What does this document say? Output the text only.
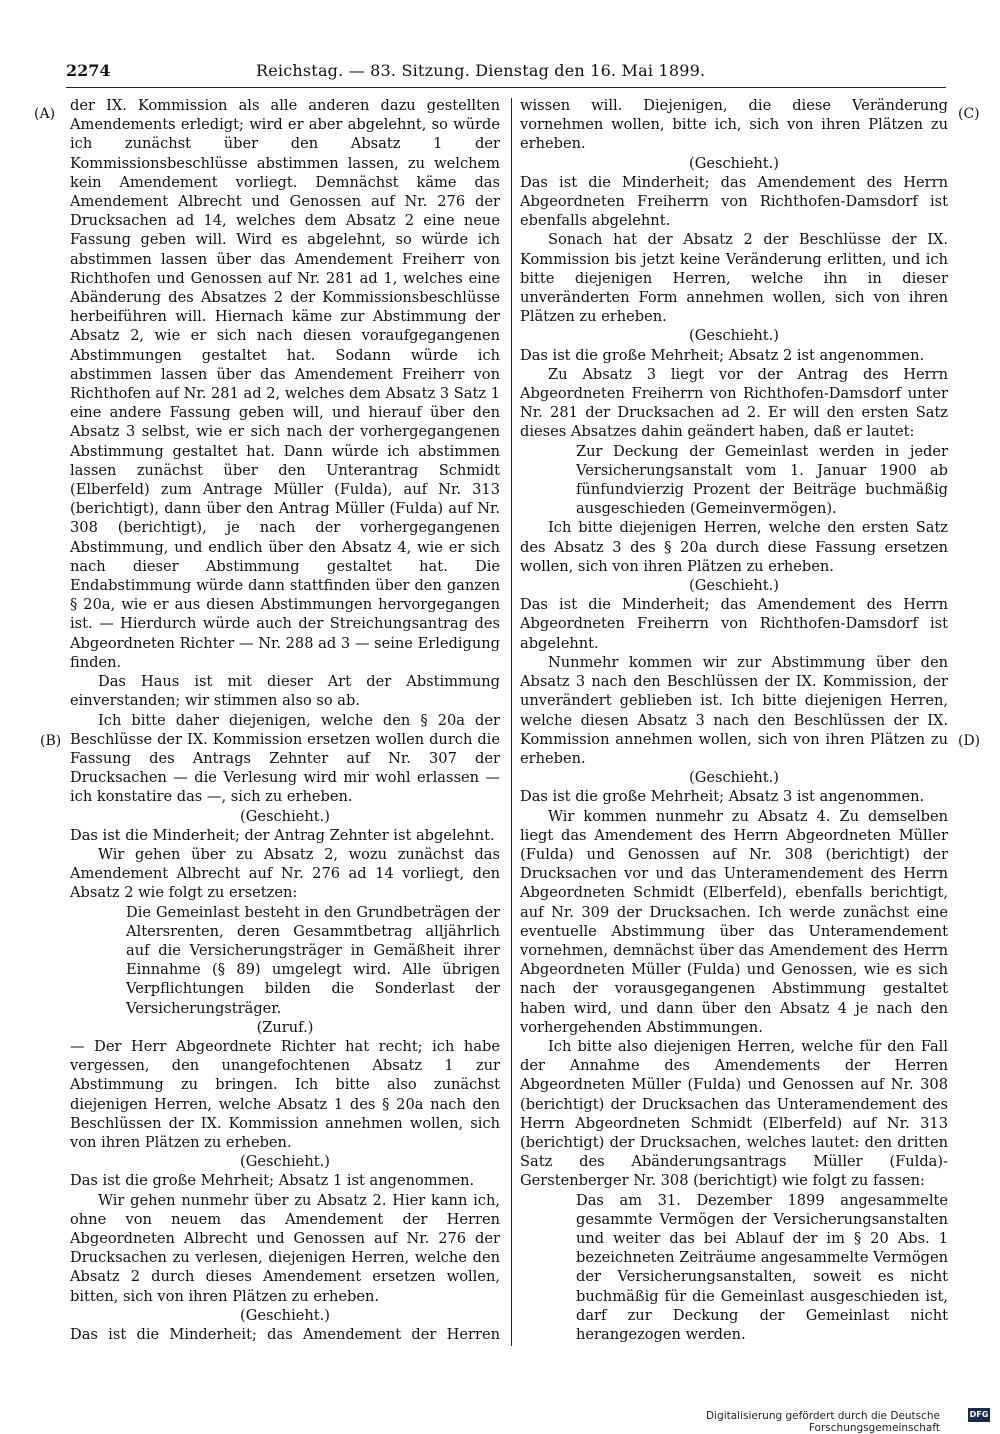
2274	Reichstag. — 83. Sitzung. Dienstag den 16. Mai 1899.
(A)
(B)
(C)
(D)

der IX. Kommission als alle anderen dazu gestellten Amendements erledigt; wird er aber abgelehnt, so würde ich zunächst über den Absatz 1 der Kommissionsbeschlüsse abstimmen lassen, zu welchem kein Amendement vorliegt. Demnächst käme das Amendement Albrecht und Genossen auf Nr. 276 der Drucksachen ad 14, welches dem Absatz 2 eine neue Fassung geben will. Wird es abgelehnt, so würde ich abstimmen lassen über das Amendement Freiherr von Richthofen und Genossen auf Nr. 281 ad 1, welches eine Abänderung des Absatzes 2 der Kommissionsbeschlüsse herbeiführen will. Hiernach käme zur Abstimmung der Absatz 2, wie er sich nach diesen voraufgegangenen Abstimmungen gestaltet hat. Sodann würde ich abstimmen lassen über das Amendement Freiherr von Richthofen auf Nr. 281 ad 2, welches dem Absatz 3 Satz 1 eine andere Fassung geben will, und hierauf über den Absatz 3 selbst, wie er sich nach der vorhergegangenen Abstimmung gestaltet hat. Dann würde ich abstimmen lassen zunächst über den Unterantrag Schmidt (Elberfeld) zum Antrage Müller (Fulda), auf Nr. 313 (berichtigt), dann über den Antrag Müller (Fulda) auf Nr. 308 (berichtigt), je nach der vorhergegangenen Abstimmung, und endlich über den Absatz 4, wie er sich nach dieser Abstimmung gestaltet hat. Die Endabstimmung würde dann stattfinden über den ganzen § 20a, wie er aus diesen Abstimmungen hervorgegangen ist. — Hierdurch würde auch der Streichungsantrag des Abgeordneten Richter — Nr. 288 ad 3 — seine Erledigung finden.

Das Haus ist mit dieser Art der Abstimmung einverstanden; wir stimmen also so ab.

Ich bitte daher diejenigen, welche den § 20a der Beschlüsse der IX. Kommission ersetzen wollen durch die Fassung des Antrags Zehnter auf Nr. 307 der Drucksachen — die Verlesung wird mir wohl erlassen — ich konstatire das —, sich zu erheben.

(Geschieht.)

Das ist die Minderheit; der Antrag Zehnter ist abgelehnt.

Wir gehen über zu Absatz 2, wozu zunächst das Amendement Albrecht auf Nr. 276 ad 14 vorliegt, den Absatz 2 wie folgt zu ersetzen:

Die Gemeinlast besteht in den Grundbeträgen der Altersrenten, deren Gesammtbetrag alljährlich auf die Versicherungsträger in Gemäßheit ihrer Einnahme (§ 89) umgelegt wird. Alle übrigen Verpflichtungen bilden die Sonderlast der Versicherungsträger.

(Zuruf.)

— Der Herr Abgeordnete Richter hat recht; ich habe vergessen, den unangefochtenen Absatz 1 zur Abstimmung zu bringen. Ich bitte also zunächst diejenigen Herren, welche Absatz 1 des § 20a nach den Beschlüssen der IX. Kommission annehmen wollen, sich von ihren Plätzen zu erheben.

(Geschieht.)

Das ist die große Mehrheit; Absatz 1 ist angenommen.

Wir gehen nunmehr über zu Absatz 2. Hier kann ich, ohne von neuem das Amendement der Herren Abgeordneten Albrecht und Genossen auf Nr. 276 der Drucksachen zu verlesen, diejenigen Herren, welche den Absatz 2 durch dieses Amendement ersetzen wollen, bitten, sich von ihren Plätzen zu erheben.

(Geschieht.)

Das ist die Minderheit; das Amendement der Herren

wissen will. Diejenigen, die diese Veränderung vornehmen wollen, bitte ich, sich von ihren Plätzen zu erheben.

(Geschieht.)

Das ist die Minderheit; das Amendement des Herrn Abgeordneten Freiherrn von Richthofen-Damsdorf ist ebenfalls abgelehnt.

Sonach hat der Absatz 2 der Beschlüsse der IX. Kommission bis jetzt keine Veränderung erlitten, und ich bitte diejenigen Herren, welche ihn in dieser unveränderten Form annehmen wollen, sich von ihren Plätzen zu erheben.

(Geschieht.)

Das ist die große Mehrheit; Absatz 2 ist angenommen.

Zu Absatz 3 liegt vor der Antrag des Herrn Abgeordneten Freiherrn von Richthofen-Damsdorf unter Nr. 281 der Drucksachen ad 2. Er will den ersten Satz dieses Absatzes dahin geändert haben, daß er lautet:

Zur Deckung der Gemeinlast werden in jeder Versicherungsanstalt vom 1. Januar 1900 ab fünfundvierzig Prozent der Beiträge buchmäßig ausgeschieden (Gemeinvermögen).

Ich bitte diejenigen Herren, welche den ersten Satz des Absatz 3 des § 20a durch diese Fassung ersetzen wollen, sich von ihren Plätzen zu erheben.

(Geschieht.)

Das ist die Minderheit; das Amendement des Herrn Abgeordneten Freiherrn von Richthofen-Damsdorf ist abgelehnt.

Nunmehr kommen wir zur Abstimmung über den Absatz 3 nach den Beschlüssen der IX. Kommission, der unverändert geblieben ist. Ich bitte diejenigen Herren, welche diesen Absatz 3 nach den Beschlüssen der IX. Kommission annehmen wollen, sich von ihren Plätzen zu erheben.

(Geschieht.)

Das ist die große Mehrheit; Absatz 3 ist angenommen.

Wir kommen nunmehr zu Absatz 4. Zu demselben liegt das Amendement des Herrn Abgeordneten Müller (Fulda) und Genossen auf Nr. 308 (berichtigt) der Drucksachen vor und das Unteramendement des Herrn Abgeordneten Schmidt (Elberfeld), ebenfalls berichtigt, auf Nr. 309 der Drucksachen. Ich werde zunächst eine eventuelle Abstimmung über das Unteramendement vornehmen, demnächst über das Amendement des Herrn Abgeordneten Müller (Fulda) und Genossen, wie es sich nach der vorausgegangenen Abstimmung gestaltet haben wird, und dann über den Absatz 4 je nach den vorhergehenden Abstimmungen.

Ich bitte also diejenigen Herren, welche für den Fall der Annahme des Amendements der Herren Abgeordneten Müller (Fulda) und Genossen auf Nr. 308 (berichtigt) der Drucksachen das Unteramendement des Herrn Abgeordneten Schmidt (Elberfeld) auf Nr. 313 (berichtigt) der Drucksachen, welches lautet: den dritten Satz des Abänderungsantrags Müller (Fulda)-Gerstenberger Nr. 308 (berichtigt) wie folgt zu fassen:

Das am 31. Dezember 1899 angesammelte gesammte Vermögen der Versicherungsanstalten und weiter das bei Ablauf der im § 20 Abs. 1 bezeichneten Zeiträume angesammelte Vermögen der Versicherungsanstalten, soweit es nicht buchmäßig für die Gemeinlast ausgeschieden ist, darf zur Deckung der Gemeinlast nicht herangezogen werden.

Digitalisierung gefördert durch die Deutsche Forschungsgemeinschaft
DFG
